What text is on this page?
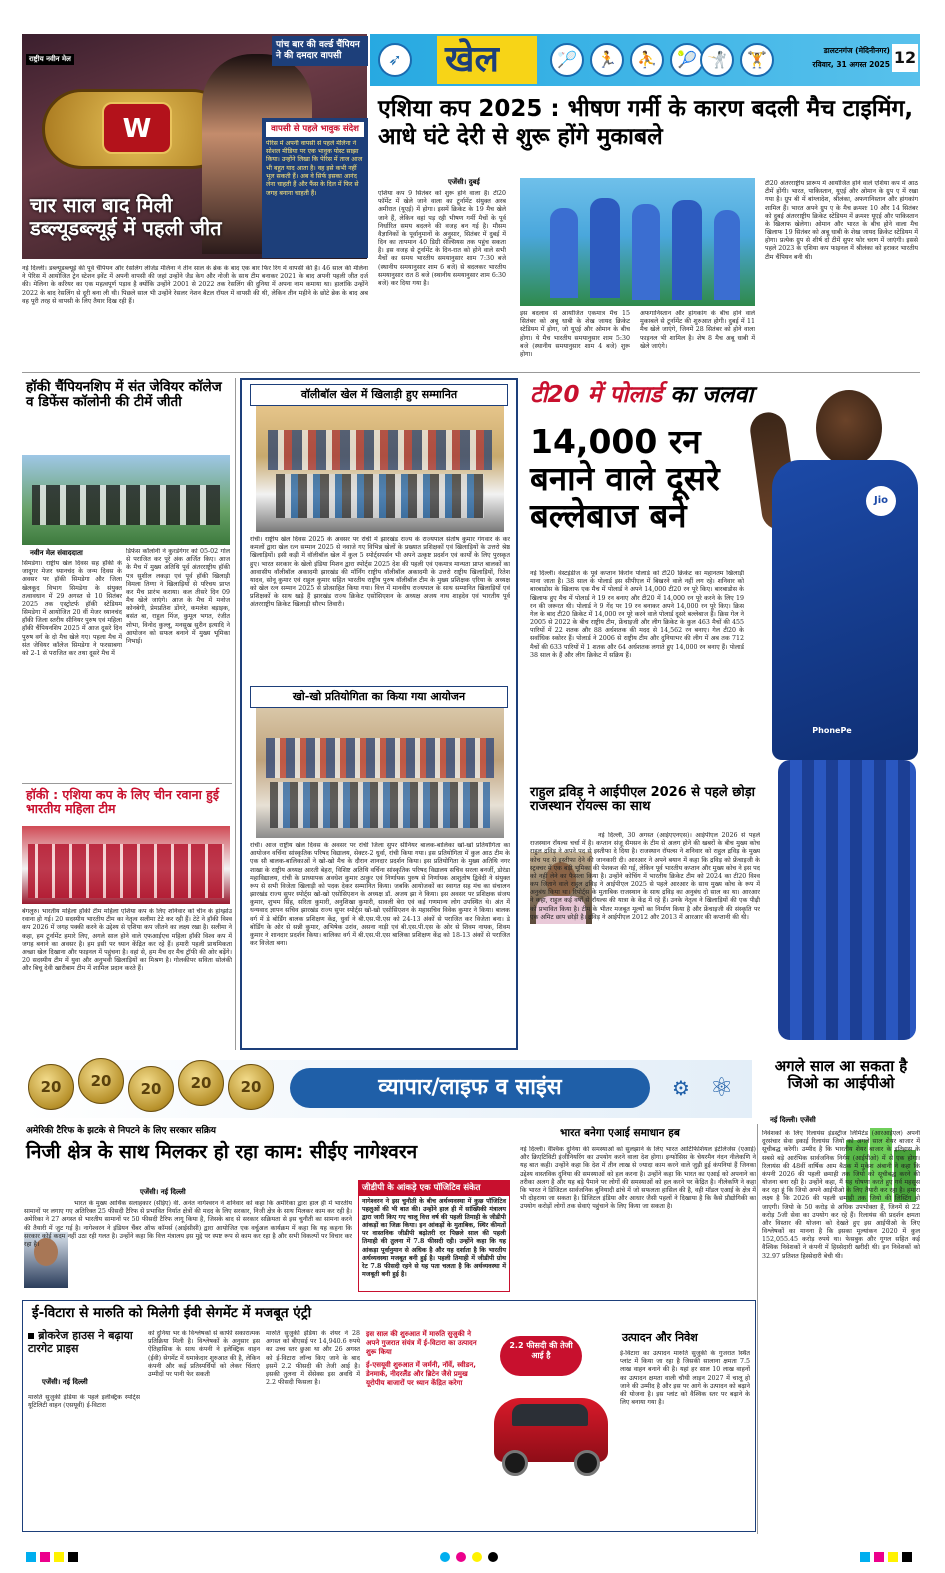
W
राष्ट्रीय नवीन मेल
पांच बार की वर्ल्ड चैंपियन ने की दमदार वापसी
वापसी से पहले भावुक संदेश
पेरिस में अपनी वापसी से पहले मेलिना ने सोशल मीडिया पर एक भावुक पोस्ट साझा किया। उन्होंने लिखा कि पेरिस में ताज आज भी बहुत याद आता है। वह इसे कभी नहीं भूल सकती हैं। अब वे सिर्फ इसका आनंद लेना चाहती हैं और फैंस के दिल में फिर से जगह बनाना चाहती हैं।
चार साल बाद मिली डब्ल्यूडब्ल्यूई में पहली जीत
नई दिल्ली। डब्ल्यूडब्ल्यूई की पूर्व चैंपियन और रेसलिंग लीजेंड मेलिना ने तीन साल के ब्रेक के बाद एक बार फिर रिंग में वापसी की है। 46 साल की मेलिना ने पेरिस में आयोजित ट्रेन स्टेशन इवेंट में अपनी वापसी की जहां उन्होंने जैड केग और नोजी के साथ टीम बनाकर 2021 के बाद अपनी पहली जीत दर्ज की। मेलिना के करियर का एक महत्वपूर्ण पड़ाव है क्योंकि उन्होंने 2001 से 2022 तक रेसलिंग की दुनिया में अपना नाम कमाया था। हालांकि उन्होंने 2022 के बाद रेसलिंग से दूरी बना ली थी। पिछले साल भी उन्होंने रेसलर नेशन बैटल रॉयल में वापसी की थी, लेकिन तीन महीने के छोटे ब्रेक के बाद अब वह पूरी तरह से वापसी के लिए तैयार दिख रही हैं।
खेल
➶	🏸	🏃	⛹	🎾 🤺	🏋	डालटनगंज (मेदिनीनगर)
रविवार, 31 अगस्त 2025 12
एशिया कप 2025 : भीषण गर्मी के कारण बदली मैच टाइमिंग, आधे घंटे देरी से शुरू होंगे मुकाबले
एजेंसी। दुबई
एशिया कप 9 सितंबर को शुरू होने वाला है। टी20 फॉर्मेट में खेले जाने वाला का टूर्नामेंट संयुक्त अरब अमीरात (यूएई) में होगा। इसमें क्रिकेट के 19 मैच खेले जाने हैं, लेकिन वहां पड़ रही भीषण गर्मी मैचों के पूर्व निर्धारित समय बदलने की वजह बन गई है। मौसम वैज्ञानिकों के पूर्वानुमानों के अनुसार, सितंबर में दुबई में दिन का तापमान 40 डिग्री सेल्सियस तक पहुंच सकता है। इस वजह से टूर्नामेंट के दिन-रात को होने वाले सभी मैचों का समय भारतीय समयानुसार शाम 7:30 बजे (स्थानीय समयानुसार शाम 6 बजे) से बदलकर भारतीय समयानुसार रात 8 बजे (स्थानीय समयानुसार शाम 6:30 बजे) कर दिया गया है।
इस बदलाव से आयोजित एकमात्र मैच 15 सितंबर को अबू धाबी के शेख जायद क्रिकेट स्टेडियम में होगा, जो यूएई और ओमान के बीच होगा। ये मैच भारतीय समयानुसार शाम 5:30 बजे (स्थानीय समयानुसार शाम 4 बजे) शुरू होगा।
अफगानिस्तान और हांगकांग के बीच होने वाले मुकाबले से टूर्नामेंट की शुरुआत होगी। दुबई में 11 मैच खेले जाएंगे, जिनमें 28 सितंबर को होने वाला फाइनल भी शामिल है। शेष 8 मैच अबू धाबी में खेले जाएंगे।
टी20 अंतरराष्ट्रीय प्रारूप में आयोजित होने वाले एशिया कप में आठ टीमें होंगी। भारत, पाकिस्तान, यूएई और ओमान के ग्रुप ए में रखा गया है। ग्रुप बी में बांग्लादेश, श्रीलंका, अफगानिस्तान और हांगकांग शामिल हैं। भारत अपने ग्रुप ए के मैच क्रमशः 10 और 14 सितंबर को दुबई अंतरराष्ट्रीय क्रिकेट स्टेडियम में क्रमशः यूएई और पाकिस्तान के खिलाफ खेलेगा। ओमान और भारत के बीच होने वाला मैच खिलाफ 19 सितंबर को अबू धाबी के शेख जायद क्रिकेट स्टेडियम में होगा। प्रत्येक ग्रुप से शीर्ष दो टीमें सुपर फोर चरण में जाएंगी। इससे पहले 2023 के एशिया कप फाइनल में श्रीलंका को हराकर भारतीय टीम चैंपियन बनी थी।
हॉकी चैंपियनशिप में संत जेवियर कॉलेज व डिफेंस कॉलोनी की टीमें जीती
नवीन मेल संवाददाता
सिमडेगा। राष्ट्रीय खेल दिवस सह हॉकी के जादूगर मेजर ध्यानचंद के जन्म दिवस के अवसर पर हॉकी सिमडेगा और जिला खेलकूद विभाग सिमडेगा के संयुक्त तत्वावधान में 29 अगस्त से 10 सितंबर 2025 तक एस्ट्रोटर्फ हॉकी स्टेडियम सिमडेगा में आयोजित 20 वीं मेजर ध्यानचंद हॉकी जिला स्तरीय सीनियर पुरुष एवं महिला हॉकी चैंपियनशिप 2025 में आज दूसरे दिन पुरुष वर्ग के दो मैच खेले गए। पहला मैच में संत जेवियर कॉलेज सिमडेगा ने फरसाबगा को 2-1 से पराजित कर तथा दूसरे मैच में
डिफेंस कॉलोनी ने कुरडेगेगर को 05-02 गोल से पराजित कर पूरे अंक अर्जित किए। आज के मैच में मुख्य अतिथि पूर्व अंतरराष्ट्रीय हॉकी पत्र सुशील लकड़ा एवं पूर्व हॉकी खिलाड़ी विमला तिग्गा ने खिलाड़ियों से परिचय प्राप्त कर मैच प्रारंभ कराया। कल तीसरे दिन 09 मैच खेले जाएंगे। आज के मैच में मनोज कोनबेगी, प्रेमप्रतिश डोंगरे, कमलेश बड़ाइक, बसंत बा, राहुल मिंज, कुमूल भगत, रंजीत शोभा, विनोद कुल्लू, मनसुख सुरीन इत्यादि ने आयोजन को सफल बनाने में मुख्य भूमिका निभाई।
हॉकी : एशिया कप के लिए चीन रवाना हुई भारतीय महिला टीम
बेंगलुरु। भारतीय महिला हॉकी टीम महिला एशिया कप के लिए शनिवार को चीन के हांग्झोउ रवाना हो गई। 20 सदस्यीय भारतीय टीम का नेतृत्व सलीमा टेटे कर रही हैं। टेटे ने हॉकी विश्व कप 2026 में जगह पक्की करने के उद्देश्य से एशिया कप जीतने का लक्ष्य रखा है। सलीमा ने कहा, हम टूर्नामेंट हमारे लिए, अगले साल होने वाले एफआईएच महिला हॉकी विश्व कप में जगह बनाने का अवसर है। हम इसी पर ध्यान केंद्रित कर रहे हैं। हमारी पहली प्राथमिकता अच्छा खेल दिखाना और फाइनल में पहुंचना है। वहां से, हम मैच दर मैच ट्रॉफी की ओर बढ़ेंगे। 20 सदस्यीय टीम में युवा और अनुभवी खिलाड़ियों का मिश्रण है। गोलकीपर सविता सोलंकी और बिचू देवी खारीबाम टीम में शामिल प्रदान करते हैं।
वॉलीबॉल खेल में खिलाड़ी हुए सम्मानित
रांची। राष्ट्रीय खेल दिवस 2025 के अवसर पर रांची में झारखंड राज्य के राज्यपाल संतोष कुमार गंगवार के कर कमलों द्वारा खेल रत्न सम्मान 2025 से नवाजे गए विभिन्न खेलों के प्रख्यात प्रशिक्षकों एवं खिलाड़ियों के उत्तरो श्रेष्ठ खिलाड़ियों। इसी कड़ी में वॉलीबॉल खेल में कुल 5 स्पोर्ट्सपर्सन भी अपने उत्कृष्ट प्रदर्शन एवं कार्यों के लिए पुरस्कृत हुए। भारत सरकार के खेलो इंडिया मिशन द्वारा स्पोर्ट्स 2025 देश की पहली एवं एकमात्र मान्यता प्राप्त बालकों का आवासीय वॉलीबॉल अकादमी झारखंड की मॉर्निंग राष्ट्रीय वॉलीबॉल अकादमी के उत्तरो राष्ट्रीय खिलाड़ियों, रितेश यादव, सोनू कुमार एवं राहुल कुमार सहित भारतीय राष्ट्रीय पुरुष वॉलीबॉल टीम के मुख्य प्रशिक्षक एरिया के अध्यक्ष को खेल रत्न सम्मान 2025 से प्रोत्साहित किया गया। वित्त में मानवीय राज्यपाल के साथ सम्मानित खिलाड़ियों एवं प्रशिक्षकों के साथ खड़े हैं झारखंड राज्य क्रिकेट एसोसिएशन के अध्यक्ष अजय नाथ शाहदेव एवं भारतीय पूर्व अंतरराष्ट्रीय क्रिकेट खिलाड़ी सौरभ तिवारी।
खो-खो प्रतियोगिता का किया गया आयोजन
रांची। आज राष्ट्रीय खेल दिवस के अवसर पर रांची जिला सुपर सीनियर बालक-बालिका खो-खो प्रतियोगिता का आयोजन वर्चिना सांस्कृतिक परिषद विद्यालय, सेक्टर-2 धुर्वा, रांची किया गया। इस प्रतियोगिता में कुल आठ टीम के एक सौ बालक-बालिकाओं ने खो-खो मैच के दौरान शानदार प्रदर्शन किया। इस प्रतियोगिता के मुख्य अतिथि नगर शाखा के राष्ट्रीय अध्यक्ष आरती बेहरा, विशिष्ट अतिथि वर्चिना सांस्कृतिक परिषद विद्यालय सचिव सरला बनर्जी, डोरंडा महाविद्यालय, रांची के प्राध्यापक अवधेश कुमार ठाकुर एवं निर्णायक पुरुष से निर्णायक आशुतोष द्विवेदी ने संयुक्त रूप से सभी विजेता खिलाड़ी को पदक देकर सम्मानित किया। जबकि आयोजकों का स्वागत सह मंच का संचालन झारखंड राज्य सुपर स्पोर्ट्स खो-खो एसोसिएशन के अध्यक्ष डॉ. अजय झा ने किया। इस अवसर पर प्रशिक्षक संजय कुमार, शुभम सिंह, सरिता कुमारी, अनुशिखा कुमारी, सावली बेरा एवं कई गणमान्य लोग उपस्थित थे। अंत में धन्यवाद ज्ञापन सचिव झारखंड राज्य सुपर स्पोर्ट्स खो-खो एसोसिएशन के महासचिव विवेक कुमार ने किया। बालक वर्ग में डे बोर्डिंग बालक प्रशिक्षण केंद्र, धुर्वा ने बी.एस.पी.एस को 24-13 अंकों से पराजित कर विजेता बना। डे बोर्डिंग के ओर से सन्नी कुमार, अभिषेक उरांव, असना नाड़ी एवं बी.एस.पी.एस के ओर से शिवम नायक, शिवम कुमार ने शानदार प्रदर्शन किया। बालिका वर्ग में बी.एस.पी.एस बालिका प्रशिक्षण केंद्र को 18-13 अंकों से पराजित कर विजेता बना।
टी20 में पोलार्ड का जलवा
14,000 रन बनाने वाले दूसरे बल्लेबाज बने	Jio
PhonePe
नई दिल्ली। वेस्टइंडीज के पूर्व कप्तान किरोन पोलार्ड को टी20 क्रिकेट का महानतम खिलाड़ी माना जाता है। 38 साल के पोलार्ड इस सीपीएल में बिखरने वाले नहीं लग रहे। शनिवार को बारबाडोस के खिलाफ एक मैच में पोलार्ड ने अपने 14,000 टी20 रन पूरे किए। बारबाडोस के खिलाफ हुए मैच में पोलार्ड ने 19 रन बनाए और टी20 में 14,000 रन पूरे करने के लिए 19 रन की जरूरत थी। पोलार्ड ने 9 गेंद पर 19 रन बनाकर अपने 14,000 रन पूरे किए। क्रिस गेल के बाद टी20 क्रिकेट में 14,000 रन पूरे करने वाले पोलार्ड दूसरे बल्लेबाज हैं। क्रिस गेल ने 2005 से 2022 के बीच राष्ट्रीय टीम, फ्रेंचाइजी और लीग क्रिकेट के कुल 463 मैचों की 455 पारियों में 22 शतक और 88 अर्धशतक की मदद से 14,562 रन बनाए। गेल टी20 के सर्वाधिक स्कोरर हैं। पोलार्ड ने 2006 से राष्ट्रीय टीम और दुनियाभर की लीग में अब तक 712 मैचों की 633 पारियों में 1 शतक और 64 अर्धशतक लगाते हुए 14,000 रन बनाए हैं। पोलार्ड 38 साल के हैं और लीग क्रिकेट में सक्रिय हैं।
राहुल द्रविड़ ने आईपीएल 2026 से पहले छोड़ा राजस्थान रॉयल्स का साथ
नई दिल्ली, 30 अगस्त (आईएएनएस)। आईपीएल 2026 से पहले राजस्थान रॉयल्स चर्चा में है। कप्तान संजू सैमसन के टीम से अलग होने की खबरों के बीच मुख्य कोच राहुल द्रविड़ ने अपने पद से इस्तीफा दे दिया है। राजस्थान रॉयल्स ने शनिवार को राहुल द्रविड़ के मुख्य कोच पद से इस्तीफा देने की जानकारी दी। आरआर ने अपने बयान में कहा कि द्रविड़ को फ्रेंचाइजी के स्ट्रक्चर में एक बड़ी भूमिका की पेशकश की गई, लेकिन पूर्व भारतीय कप्तान और मुख्य कोच ने इस पद को नहीं लेने का फैसला किया है। उन्होंने कोचिंग में भारतीय क्रिकेट टीम को 2024 का टी20 विश्व कप जिताने वाले राहुल द्रविड़ ने आईपीएल 2025 से पहले आरआर के साथ मुख्य कोच के रूप में अनुबंध किया था। रिपोर्ट्स के मुताबिक राजस्थान के साथ द्रविड़ का अनुबंध दो साल का था। आरआर ने कहा, राहुल कई वर्षों से रॉयल्स की यात्रा के केंद्र में रहे हैं। उनके नेतृत्व ने खिलाड़ियों की एक पीढ़ी को प्रभावित किया है। टीम के भीतर मजबूत मूल्यों का निर्माण किया है और फ्रेंचाइजी की संस्कृति पर एक अमिट छाप छोड़ी है। द्रविड़ ने आईपीएल 2012 और 2013 में आरआर की कप्तानी की थी।
20	20	20	20	20	व्यापार/लाइफ व साइंस	⚛
⚙
अगले साल आ सकता है जिओ का आईपीओ
नई दिल्ली। एजेंसी
निवेशकों के लिए रिलायंस इंडस्ट्रीज लिमिटेड (आरआईएल) अपनी दूरसंचार सेवा इकाई रिलायंस जियो को अगले साल शेयर बाजार में सूचीबद्ध करेगी। उम्मीद है कि भारतीय शेयर बाजार के इतिहास के सबसे बड़े आरंभिक सार्वजनिक निर्गम (आईपीओ) में से एक होगा। रिलायंस की 48वीं वार्षिक आम बैठक में मुकेश अंबानी ने कहा कि कंपनी 2026 की पहली छमाही तक जियो को सूचीबद्ध करने की योजना बना रही है। उन्होंने कहा, मैं यह घोषणा करते हुए गर्व महसूस कर रहा हूं कि जियो अपने आईपीओ के लिए तैयारी कर रहा है। हमारा लक्ष्य है कि 2026 की पहली छमाही तक जियो की लिस्टिंग हो जाएगी। जियो के 50 करोड़ से अधिक उपभोक्ता हैं, जिनमें से 22 करोड़ 5जी सेवा का उपयोग कर रहे हैं। रिलायंस की प्रदर्शन क्षमता और विस्तार की योजना को देखते हुए इस आईपीओ के लिए विश्लेषकों का मानना है कि इसका मूल्यांकन 2020 में कुल 152,055.45 करोड़ रुपये था। फेसबुक और गूगल सहित कई वैश्विक निवेशकों ने कंपनी में हिस्सेदारी खरीदी थी। इन निवेशकों को 32.97 प्रतिशत हिस्सेदारी बेची थी।
अमेरिकी टैरिफ के झटके से निपटने के लिए सरकार सक्रिय
निजी क्षेत्र के साथ मिलकर हो रहा काम: सीईए नागेश्वरन
एजेंसी। नई दिल्ली
भारत के मुख्य आर्थिक सलाहकार (सीईए) वी. अनंत नागेश्वरन ने शनिवार को कहा कि अमेरिका द्वारा हाल ही में भारतीय सामानों पर लगाए गए अतिरिक्त 25 फीसदी टैरिफ से प्रभावित निर्यात क्षेत्रों की मदद के लिए सरकार, निजी क्षेत्र के साथ मिलकर काम कर रही है। अमेरिका ने 27 अगस्त से भारतीय सामानों पर 50 फीसदी टैरिफ लागू किया है, जिसके बाद से सरकार सक्रियता से इस चुनौती का सामना करने की तैयारी में जुट गई है। नागेश्वरन ने इंडियन चैंबर ऑफ कॉमर्स (आईसीसी) द्वारा आयोजित एक वर्चुअल कार्यक्रम में कहा कि यह कहना कि सरकार कोई कदम नहीं उठा रही गलत है। उन्होंने कहा कि वित्त मंत्रालय इस मुद्दे पर स्पष्ट रूप से काम कर रहा है और सभी विकल्पों पर विचार कर रहा है।
जीडीपी के आंकड़े एक पॉजिटिव संकेत
नागेश्वरन ने इस चुनौती के बीच अर्थव्यवस्था में कुछ पॉजिटिव पहलुओं की भी बात की। उन्होंने हाल ही में सांख्यिकी मंत्रालय द्वारा जारी किए गए चालू वित्त वर्ष की पहली तिमाही के जीडीपी आंकड़ों का जिक्र किया। इन आंकड़ों के मुताबिक, स्थिर कीमतों पर वास्तविक जीडीपी बढ़ोतरी दर पिछले साल की पहली तिमाही की तुलना में 7.8 फीसदी रही। उन्होंने कहा कि यह आंकड़ा पूर्वानुमान से अधिक है और यह दर्शाता है कि भारतीय अर्थव्यवस्था मजबूत बनी हुई है। पहली तिमाही में जीडीपी ग्रोथ रेट 7.8 फीसदी रहने से यह पता चलता है कि अर्थव्यवस्था में मजबूती बनी हुई है।
भारत बनेगा एआई समाधान हब
नई दिल्ली। वैश्विक दुनिया की समस्याओं को सुलझाने के लिए भारत आर्टिफिशियल इंटेलिजेंस (एआई) और क्रिएटिविटी इंजीनियरिंग का उपयोग करने वाला देश होगा। इन्फोसिस के चेयरमैन नंदन नीलेकणि ने यह बात कही। उन्होंने कहा कि देश में तीन लाख से ज्यादा काम करने वाले जुड़ी हुई कंपनियां हैं जिनका उद्देश्य वास्तविक दुनिया की समस्याओं को हल करना है। उन्होंने कहा कि भारत का एआई को अपनाने का तरीका अलग है और यह बड़े पैमाने पर लोगों की समस्याओं को हल करने पर केंद्रित है। नीलेकणि ने कहा कि भारत ने डिजिटल सार्वजनिक बुनियादी ढांचे में जो सफलता हासिल की है, वही मॉडल एआई के क्षेत्र में भी दोहराया जा सकता है। डिजिटल इंडिया और आधार जैसी पहलों ने दिखाया है कि कैसे प्रौद्योगिकी का उपयोग करोड़ों लोगों तक सेवाएं पहुंचाने के लिए किया जा सकता है।
ई-विटारा से मारुति को मिलेगी ईवी सेगमेंट में मजबूत एंट्री
ब्रोकरेज हाउस ने बढ़ाया टारगेट प्राइस
एजेंसी। नई दिल्ली
मारुति सुजुकी इंडिया के पहले इलेक्ट्रिक स्पोर्ट्स यूटिलिटी वाहन (एसयूवी) ई-विटारा
को दुनिया भर के विश्लेषकों से काफी सकारात्मक प्रतिक्रिया मिली है। विश्लेषकों के अनुसार इस ऐतिहासिक के साथ कंपनी ने इलेक्ट्रिक वाहन (ईवी) सेगमेंट में धमाकेदार शुरुआत की है, लेकिन कंपनी और कई प्रतिस्पर्धियों को लेकर चिंताएं उम्मीदों पर पानी फेर सकती
मारुति सुजुकी इंडिया के शेयर ने 28 अगस्त को बीएसई पर 14,940.6 रुपये का उच्च स्तर छुआ था और 26 अगस्त को ई-विटारा लॉन्च किए जाने के बाद इसमें 2.2 फीसदी की तेजी आई है। इसकी तुलना में सेंसेक्स इस अवधि में 2.2 फीसदी फिसला है।
इस साल की शुरुआत में मारुति सुजुकी ने अपने गुजरात संयंत्र में ई-विटारा का उत्पादन शुरू किया
ई-एसयूवी शुरुआत में जर्मनी, नॉर्वे, स्वीडन, डेनमार्क, नीदरलैंड और ब्रिटेन जैसे प्रमुख यूरोपीय बाजारों पर ध्यान केंद्रित करेगा
2.2 फीसदी की तेजी आई है
उत्पादन और निवेश
ई-विटारा का उत्पादन मारुति सुजुकी के गुजरात स्थित प्लांट में किया जा रहा है जिसकी सालाना क्षमता 7.5 लाख वाहन बनाने की है। यहां हर साल 10 लाख वाहनों का उत्पादन क्षमता वाली चौथी लाइन 2027 में चालू हो जाने की उम्मीद है और इस पर आगे के उत्पादन को बढ़ाने की योजना है। इस प्लांट को वैश्विक स्तर पर बढ़ाने के लिए बनाया गया है।
